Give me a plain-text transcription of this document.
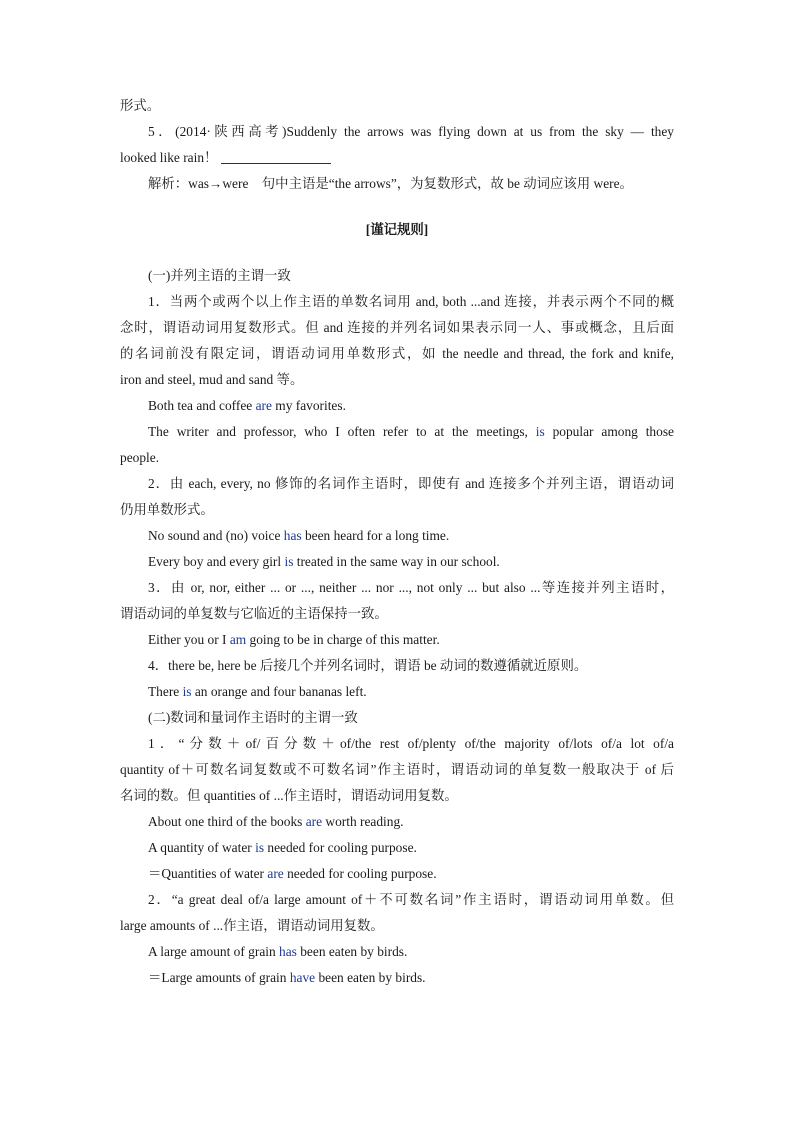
形式。
5．(2014·陕西高考)Suddenly the arrows was flying down at us from the sky — they
looked like rain！
解析：was→were　句中主语是“the arrows”，为复数形式，故 be 动词应该用 were。
[谨记规则]
(一)并列主语的主谓一致
1．当两个或两个以上作主语的单数名词用 and, both ...and 连接，并表示两个不同的概
念时，谓语动词用复数形式。但 and 连接的并列名词如果表示同一人、事或概念，且后面
的名词前没有限定词，谓语动词用单数形式，如 the needle and thread, the fork and knife,
iron and steel, mud and sand 等。
Both tea and coffee are my favorites.
The writer and professor, who I often refer to at the meetings, is popular among those
people.
2．由 each, every, no 修饰的名词作主语时，即使有 and 连接多个并列主语，谓语动词
仍用单数形式。
No sound and (no) voice has been heard for a long time.
Every boy and every girl is treated in the same way in our school.
3．由 or, nor, either ... or ..., neither ... nor ..., not only ... but also ...等连接并列主语时，
谓语动词的单复数与它临近的主语保持一致。
Either you or I am going to be in charge of this matter.
4．there be, here be 后接几个并列名词时，谓语 be 动词的数遵循就近原则。
There is an orange and four bananas left.
(二)数词和量词作主语时的主谓一致
1．“分数＋of/百分数＋of/the rest of/plenty of/the majority of/lots of/a lot of/a
quantity of＋可数名词复数或不可数名词”作主语时，谓语动词的单复数一般取决于 of 后
名词的数。但 quantities of ...作主语时，谓语动词用复数。
About one third of the books are worth reading.
A quantity of water is needed for cooling purpose.
＝Quantities of water are needed for cooling purpose.
2．“a great deal of/a large amount of＋不可数名词”作主语时，谓语动词用单数。但
large amounts of ...作主语，谓语动词用复数。
A large amount of grain has been eaten by birds.
＝Large amounts of grain have been eaten by birds.
